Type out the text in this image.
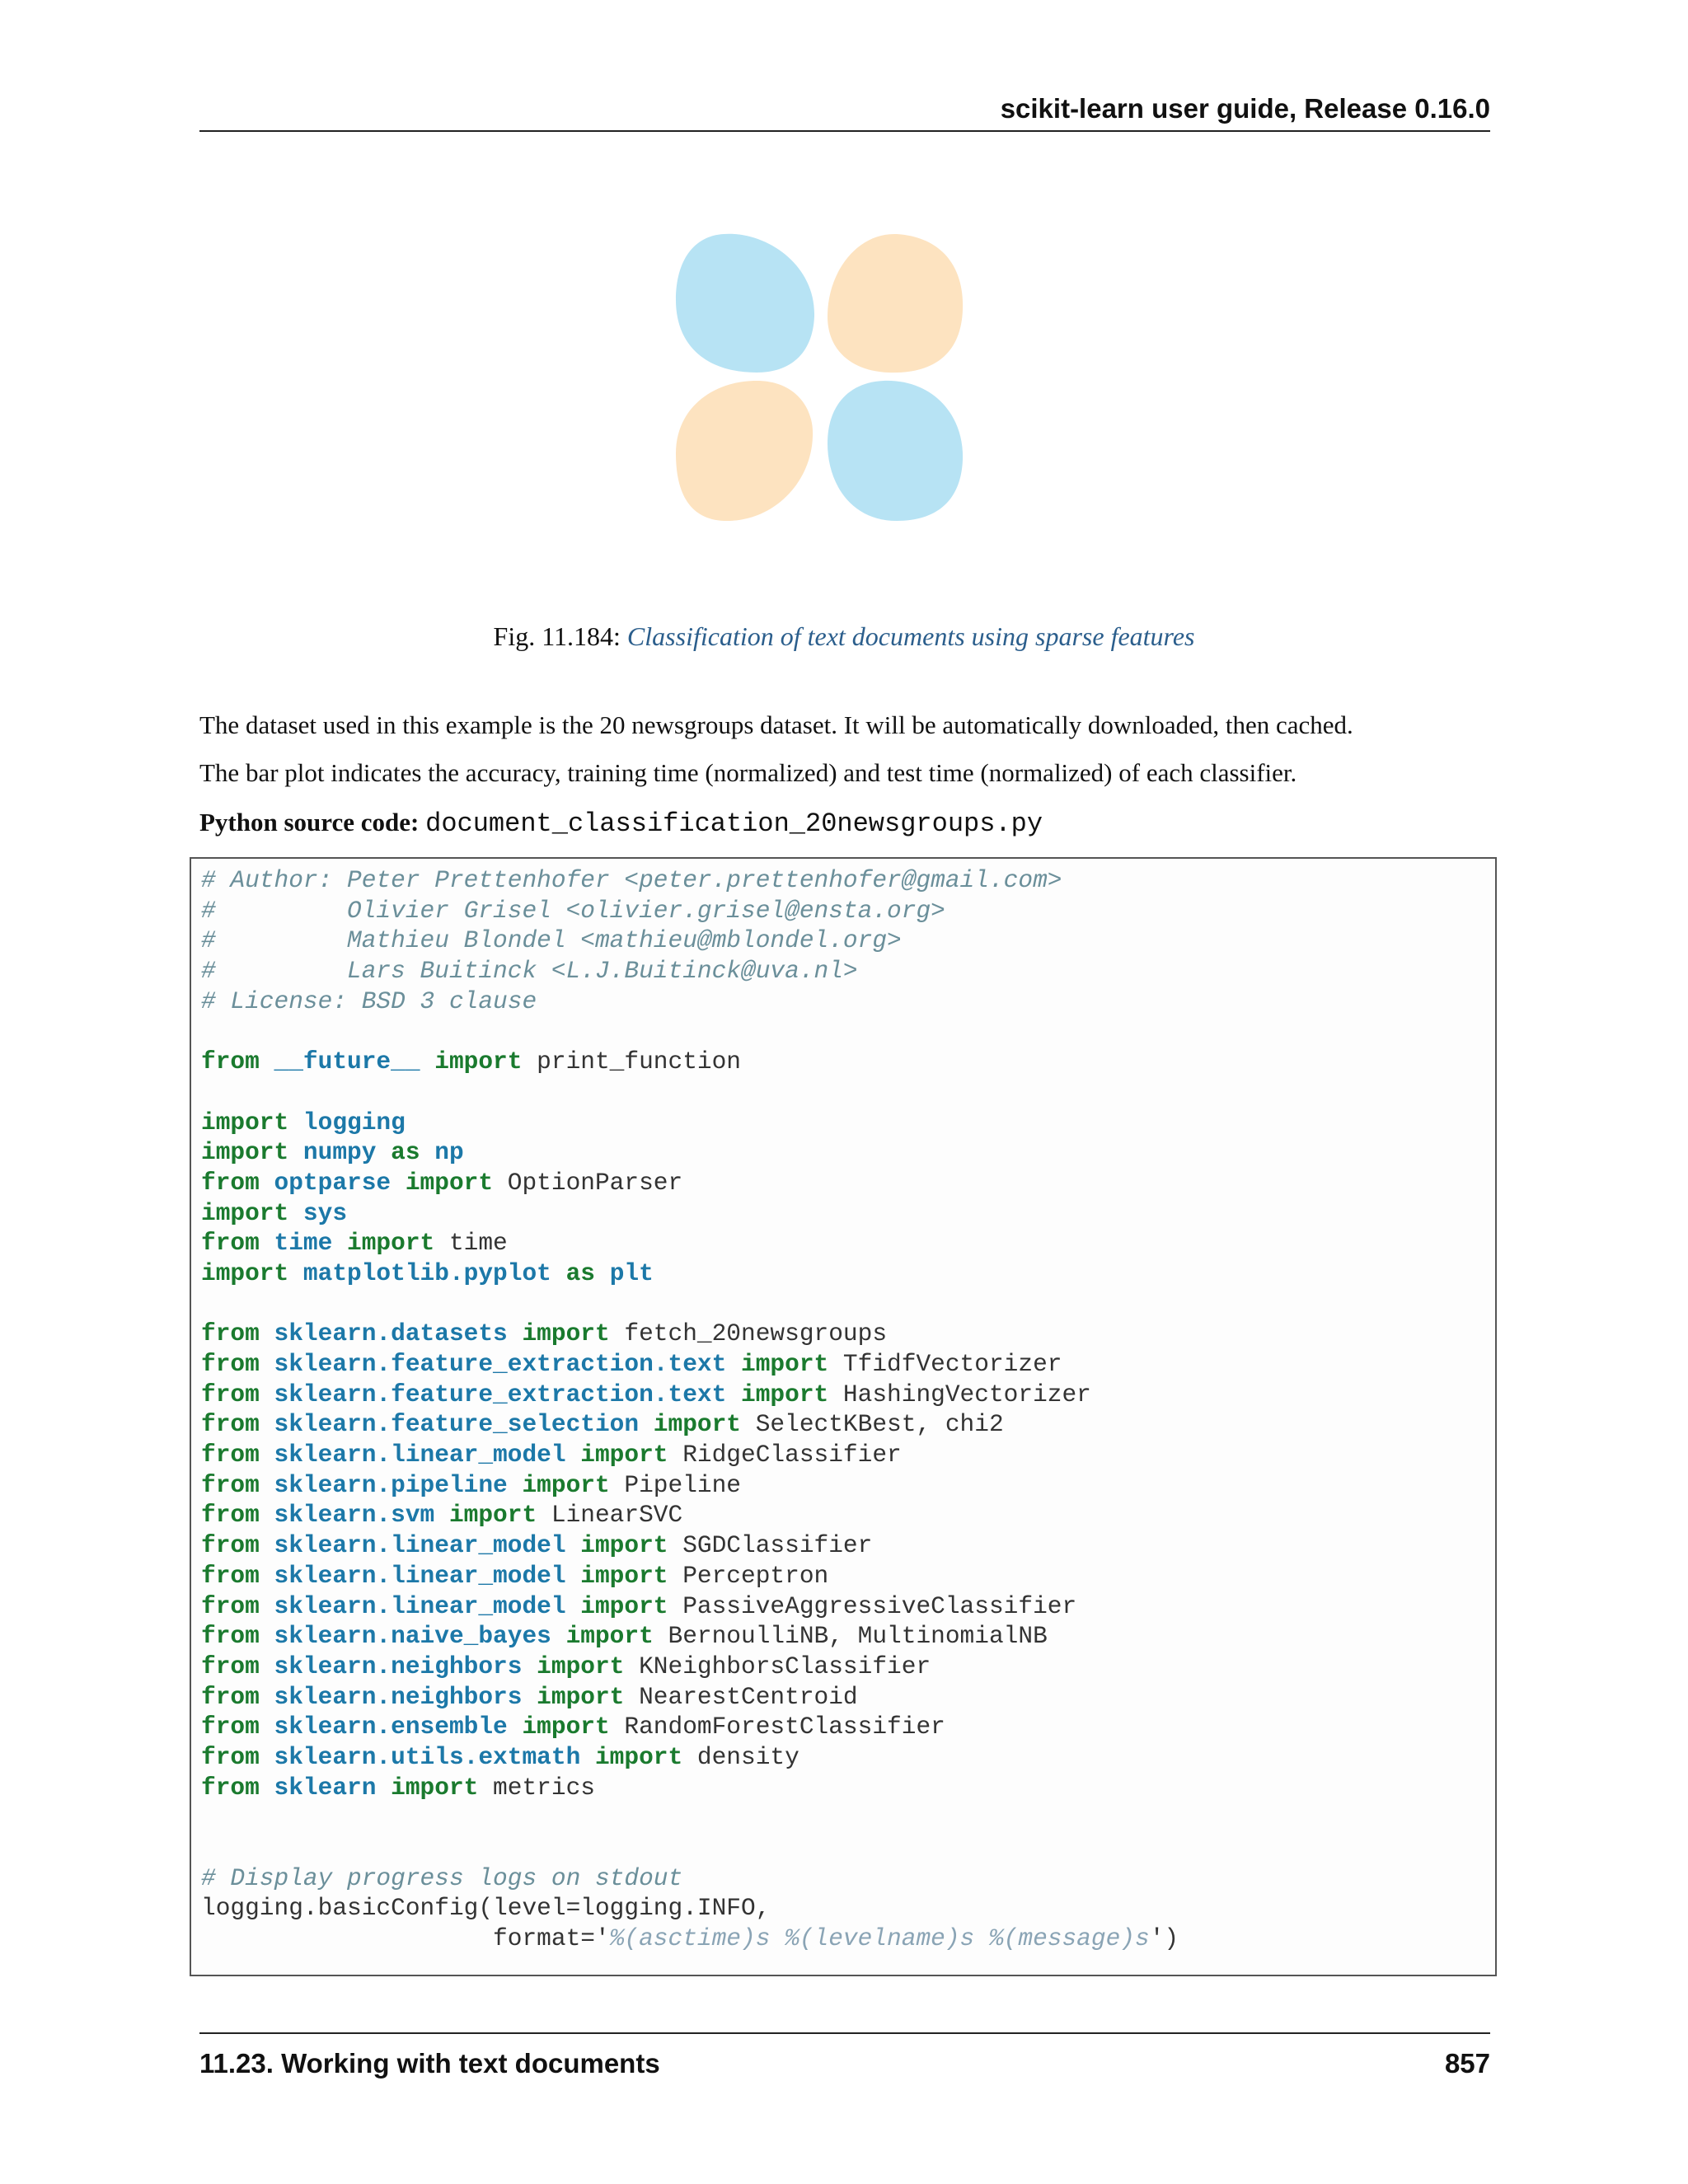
scikit-learn user guide, Release 0.16.0
Fig. 11.184: Classification of text documents using sparse features
The dataset used in this example is the 20 newsgroups dataset. It will be automatically downloaded, then cached.
The bar plot indicates the accuracy, training time (normalized) and test time (normalized) of each classifier.
Python source code: document_classification_20newsgroups.py
# Author: Peter Prettenhofer <peter.prettenhofer@gmail.com>
#         Olivier Grisel <olivier.grisel@ensta.org>
#         Mathieu Blondel <mathieu@mblondel.org>
#         Lars Buitinck <L.J.Buitinck@uva.nl>
# License: BSD 3 clause

from __future__ import print_function

import logging
import numpy as np
from optparse import OptionParser
import sys
from time import time
import matplotlib.pyplot as plt

from sklearn.datasets import fetch_20newsgroups
from sklearn.feature_extraction.text import TfidfVectorizer
from sklearn.feature_extraction.text import HashingVectorizer
from sklearn.feature_selection import SelectKBest, chi2
from sklearn.linear_model import RidgeClassifier
from sklearn.pipeline import Pipeline
from sklearn.svm import LinearSVC
from sklearn.linear_model import SGDClassifier
from sklearn.linear_model import Perceptron
from sklearn.linear_model import PassiveAggressiveClassifier
from sklearn.naive_bayes import BernoulliNB, MultinomialNB
from sklearn.neighbors import KNeighborsClassifier
from sklearn.neighbors import NearestCentroid
from sklearn.ensemble import RandomForestClassifier
from sklearn.utils.extmath import density
from sklearn import metrics

# Display progress logs on stdout
logging.basicConfig(level=logging.INFO,
format='%(asctime)s %(levelname)s %(message)s')
11.23. Working with text documents	857
